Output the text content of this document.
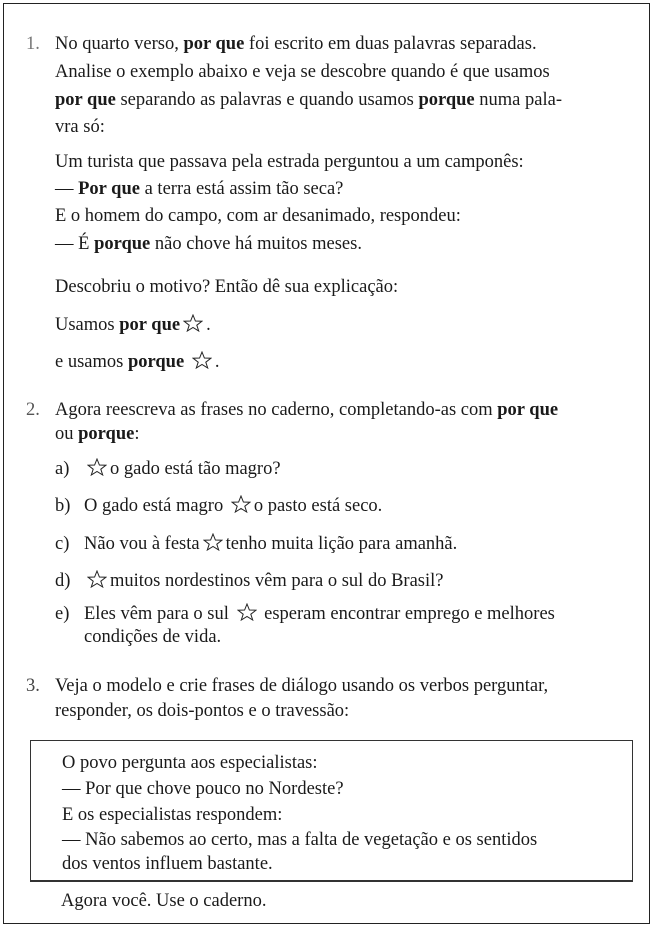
1. No quarto verso, por que foi escrito em duas palavras separadas.
Analise o exemplo abaixo e veja se descobre quando é que usamos
por que separando as palavras e quando usamos porque numa pala-
vra só:
Um turista que passava pela estrada perguntou a um camponês:
— Por que a terra está assim tão seca?
E o homem do campo, com ar desanimado, respondeu:
— É porque não chove há muitos meses.
Descobriu o motivo? Então dê sua explicação:
Usamos por que .
e usamos porque .
2. Agora reescreva as frases no caderno, completando-as com por que
ou porque:
a)	o gado está tão magro?
b) O gado está magro o pasto está seco.
c) Não vou à festa tenho muita lição para amanhã.
d)	muitos nordestinos vêm para o sul do Brasil?
e) Eles vêm para o sul  esperam encontrar emprego e melhores
condições de vida.
3. Veja o modelo e crie frases de diálogo usando os verbos perguntar,
responder, os dois-pontos e o travessão:
O povo pergunta aos especialistas:
— Por que chove pouco no Nordeste?
E os especialistas respondem:
— Não sabemos ao certo, mas a falta de vegetação e os sentidos
dos ventos influem bastante.
Agora você. Use o caderno.
